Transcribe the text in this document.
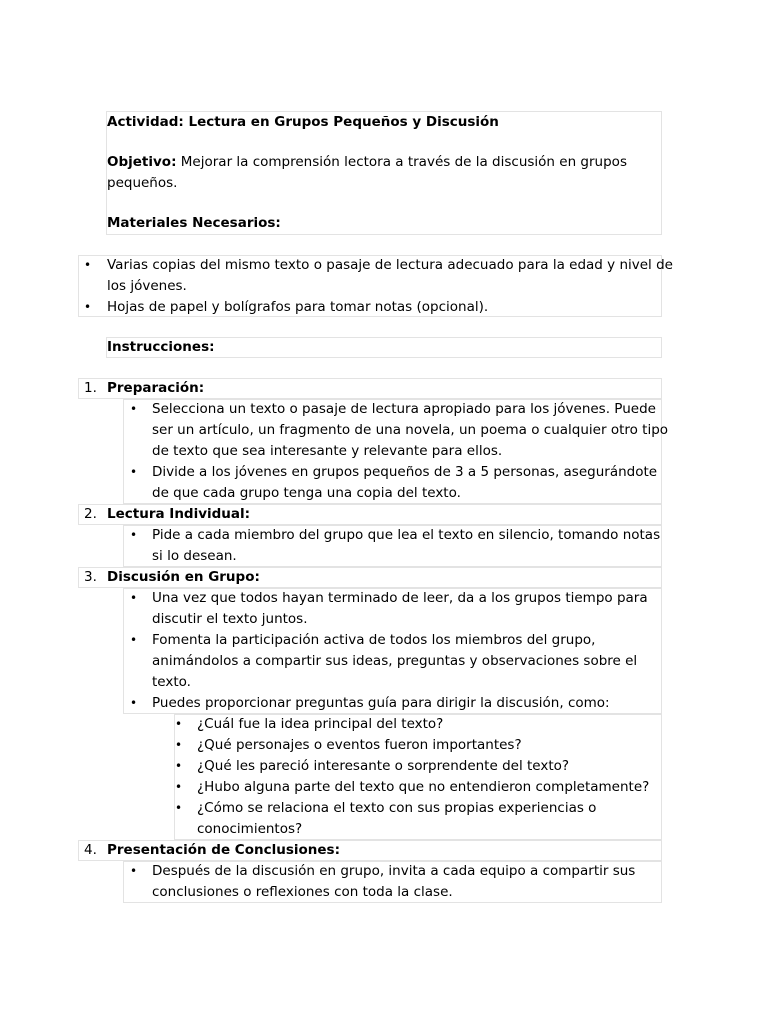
Actividad: Lectura en Grupos Pequeños y Discusión
Objetivo: Mejorar la comprensión lectora a través de la discusión en grupos
pequeños.
Materiales Necesarios:
• Varias copias del mismo texto o pasaje de lectura adecuado para la edad y nivel de
los jóvenes.
• Hojas de papel y bolígrafos para tomar notas (opcional).
Instrucciones:
1. Preparación:
• Selecciona un texto o pasaje de lectura apropiado para los jóvenes. Puede
ser un artículo, un fragmento de una novela, un poema o cualquier otro tipo
de texto que sea interesante y relevante para ellos.
• Divide a los jóvenes en grupos pequeños de 3 a 5 personas, asegurándote
de que cada grupo tenga una copia del texto.
2. Lectura Individual:
• Pide a cada miembro del grupo que lea el texto en silencio, tomando notas
si lo desean.
3. Discusión en Grupo:
• Una vez que todos hayan terminado de leer, da a los grupos tiempo para
discutir el texto juntos.
• Fomenta la participación activa de todos los miembros del grupo,
animándolos a compartir sus ideas, preguntas y observaciones sobre el
texto.
• Puedes proporcionar preguntas guía para dirigir la discusión, como:
• ¿Cuál fue la idea principal del texto?
• ¿Qué personajes o eventos fueron importantes?
• ¿Qué les pareció interesante o sorprendente del texto?
• ¿Hubo alguna parte del texto que no entendieron completamente?
• ¿Cómo se relaciona el texto con sus propias experiencias o
conocimientos?
4. Presentación de Conclusiones:
• Después de la discusión en grupo, invita a cada equipo a compartir sus
conclusiones o reflexiones con toda la clase.
